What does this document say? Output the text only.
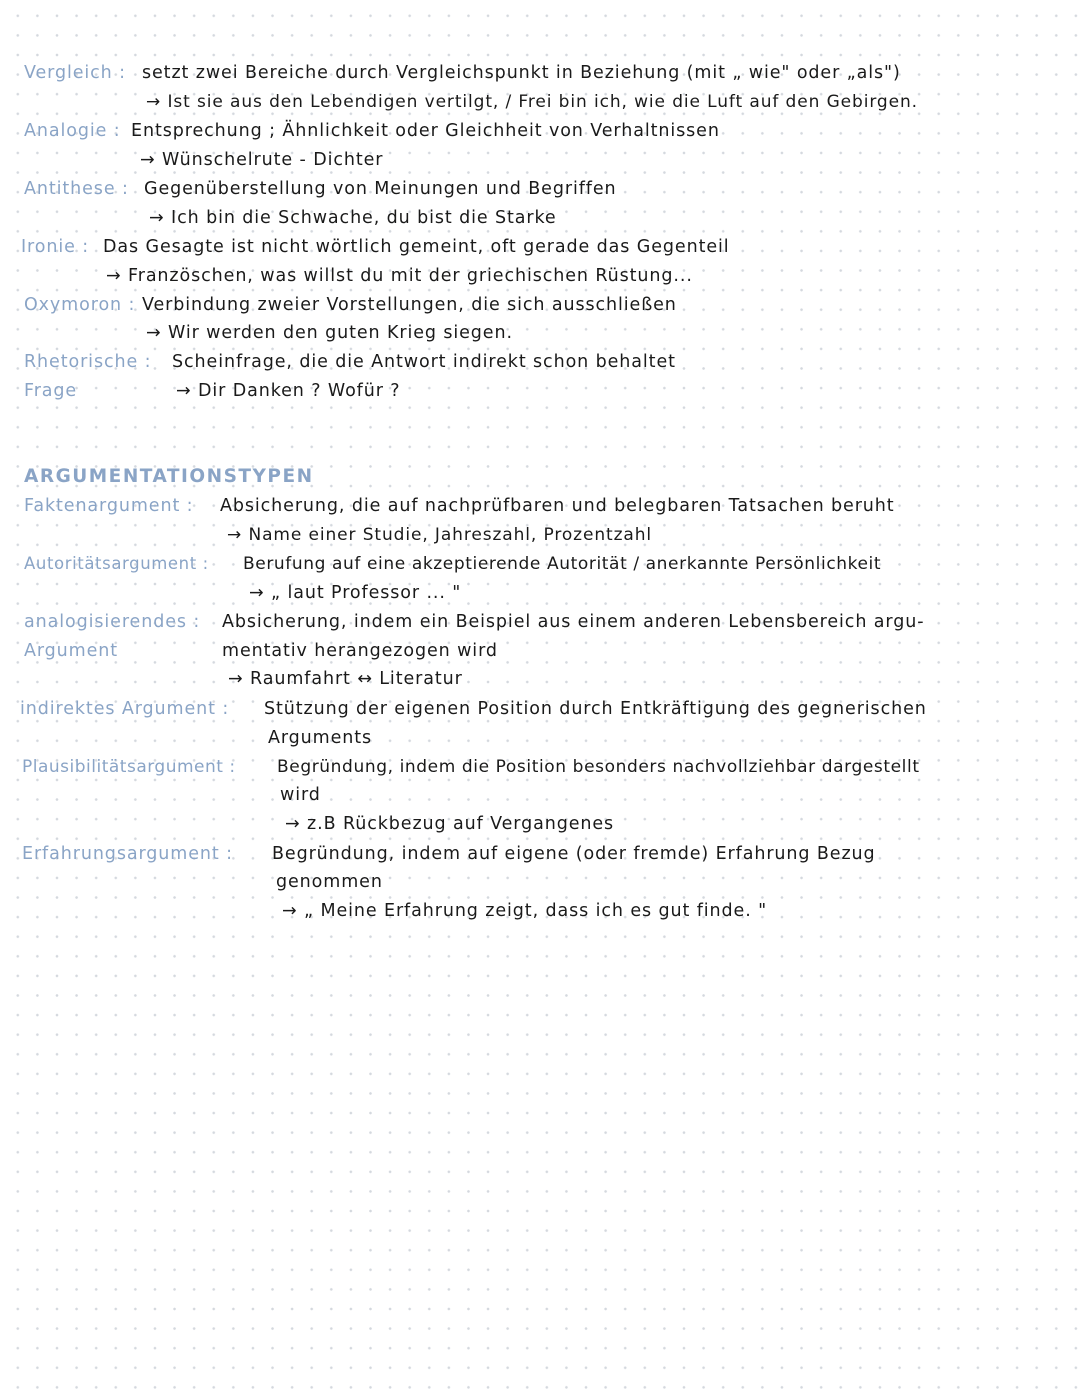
Vergleich : setzt zwei Bereiche durch Vergleichspunkt in Beziehung (mit „ wie" oder „als")
→ Ist sie aus den Lebendigen vertilgt, / Frei bin ich, wie die Luft auf den Gebirgen.
Analogie : Entsprechung ; Ähnlichkeit oder Gleichheit von Verhaltnissen
→ Wünschelrute - Dichter
Antithese : Gegenüberstellung von Meinungen und Begriffen
→ Ich bin die Schwache, du bist die Starke
Ironie : Das Gesagte ist nicht wörtlich gemeint, oft gerade das Gegenteil
→ Französchen, was willst du mit der griechischen Rüstung...
Oxymoron : Verbindung zweier Vorstellungen, die sich ausschließen
→ Wir werden den guten Krieg siegen.
Rhetorische :
Frage
Scheinfrage, die die Antwort indirekt schon behaltet
→ Dir Danken ? Wofür ?
ARGUMENTATIONSTYPEN
Faktenargument : Absicherung, die auf nachprüfbaren und belegbaren Tatsachen beruht
→ Name einer Studie, Jahreszahl, Prozentzahl
Autoritätsargument : Berufung auf eine akzeptierende Autorität / anerkannte Persönlichkeit
→ „ laut Professor ... "
analogisierendes :
Argument
Absicherung, indem ein Beispiel aus einem anderen Lebensbereich argu-
mentativ herangezogen wird
→ Raumfahrt ↔ Literatur
indirektes Argument : Stützung der eigenen Position durch Entkräftigung des gegnerischen
Arguments
Plausibilitätsargument : Begründung, indem die Position besonders nachvollziehbar dargestellt
wird
→ z.B Rückbezug auf Vergangenes
Erfahrungsargument : Begründung, indem auf eigene (oder fremde) Erfahrung Bezug
genommen
→ „ Meine Erfahrung zeigt, dass ich es gut finde. "
